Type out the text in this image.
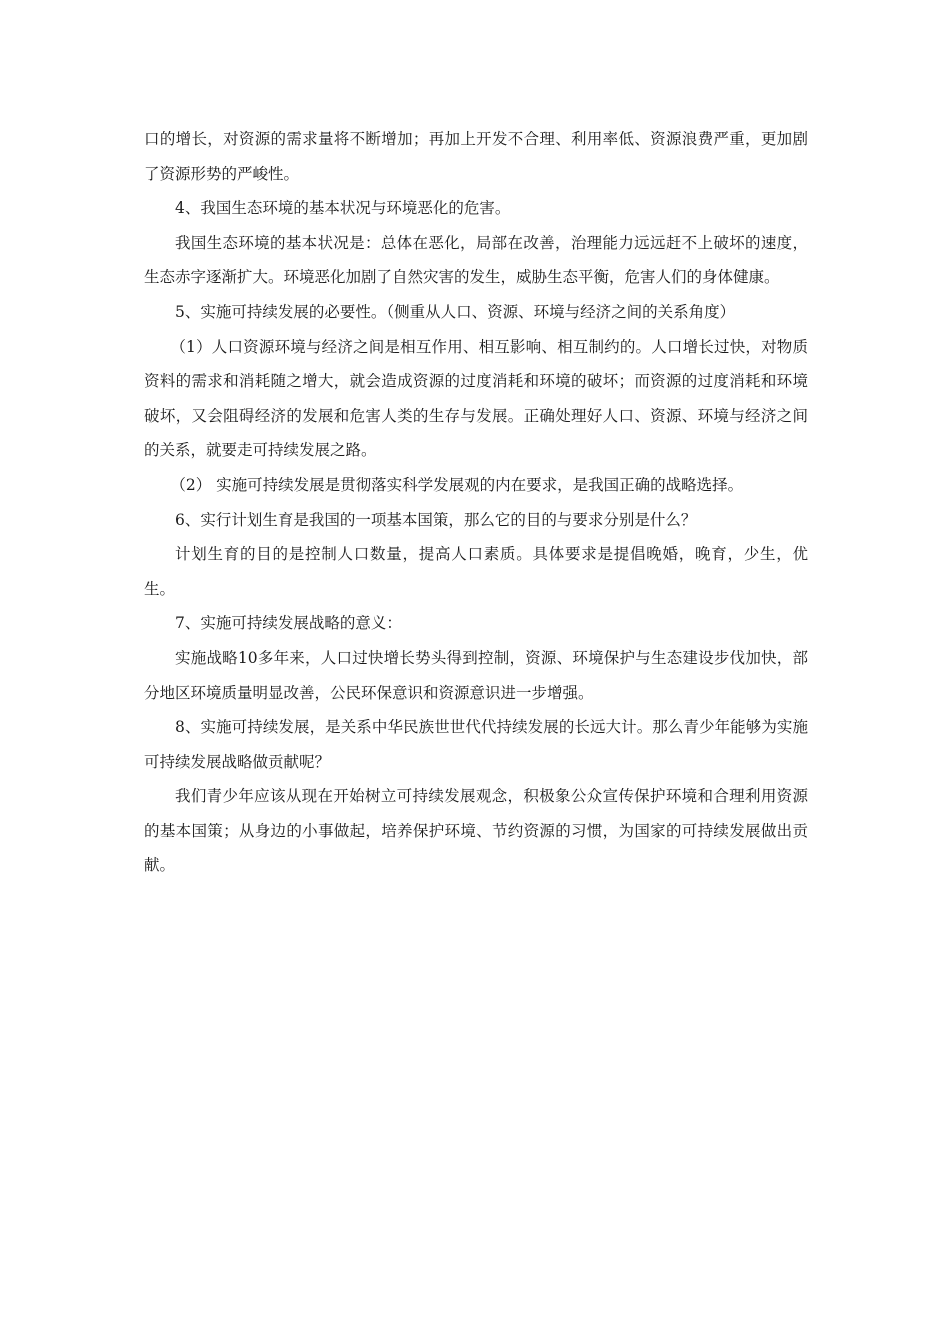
口的增长，对资源的需求量将不断增加；再加上开发不合理、利用率低、资源浪费严重，更加剧了资源形势的严峻性。

4、我国生态环境的基本状况与环境恶化的危害。

我国生态环境的基本状况是：总体在恶化，局部在改善，治理能力远远赶不上破坏的速度，生态赤字逐渐扩大。环境恶化加剧了自然灾害的发生，威胁生态平衡，危害人们的身体健康。

5、实施可持续发展的必要性。（侧重从人口、资源、环境与经济之间的关系角度）

（1）人口资源环境与经济之间是相互作用、相互影响、相互制约的。人口增长过快，对物质资料的需求和消耗随之增大，就会造成资源的过度消耗和环境的破坏；而资源的过度消耗和环境破坏，又会阻碍经济的发展和危害人类的生存与发展。正确处理好人口、资源、环境与经济之间的关系，就要走可持续发展之路。

（2） 实施可持续发展是贯彻落实科学发展观的内在要求，是我国正确的战略选择。

6、实行计划生育是我国的一项基本国策，那么它的目的与要求分别是什么？

计划生育的目的是控制人口数量，提高人口素质。具体要求是提倡晚婚，晚育，少生，优生。

7、实施可持续发展战略的意义：

实施战略10多年来，人口过快增长势头得到控制，资源、环境保护与生态建设步伐加快，部分地区环境质量明显改善，公民环保意识和资源意识进一步增强。

8、实施可持续发展，是关系中华民族世世代代持续发展的长远大计。那么青少年能够为实施可持续发展战略做贡献呢？

我们青少年应该从现在开始树立可持续发展观念，积极象公众宣传保护环境和合理利用资源的基本国策；从身边的小事做起，培养保护环境、节约资源的习惯，为国家的可持续发展做出贡献。
